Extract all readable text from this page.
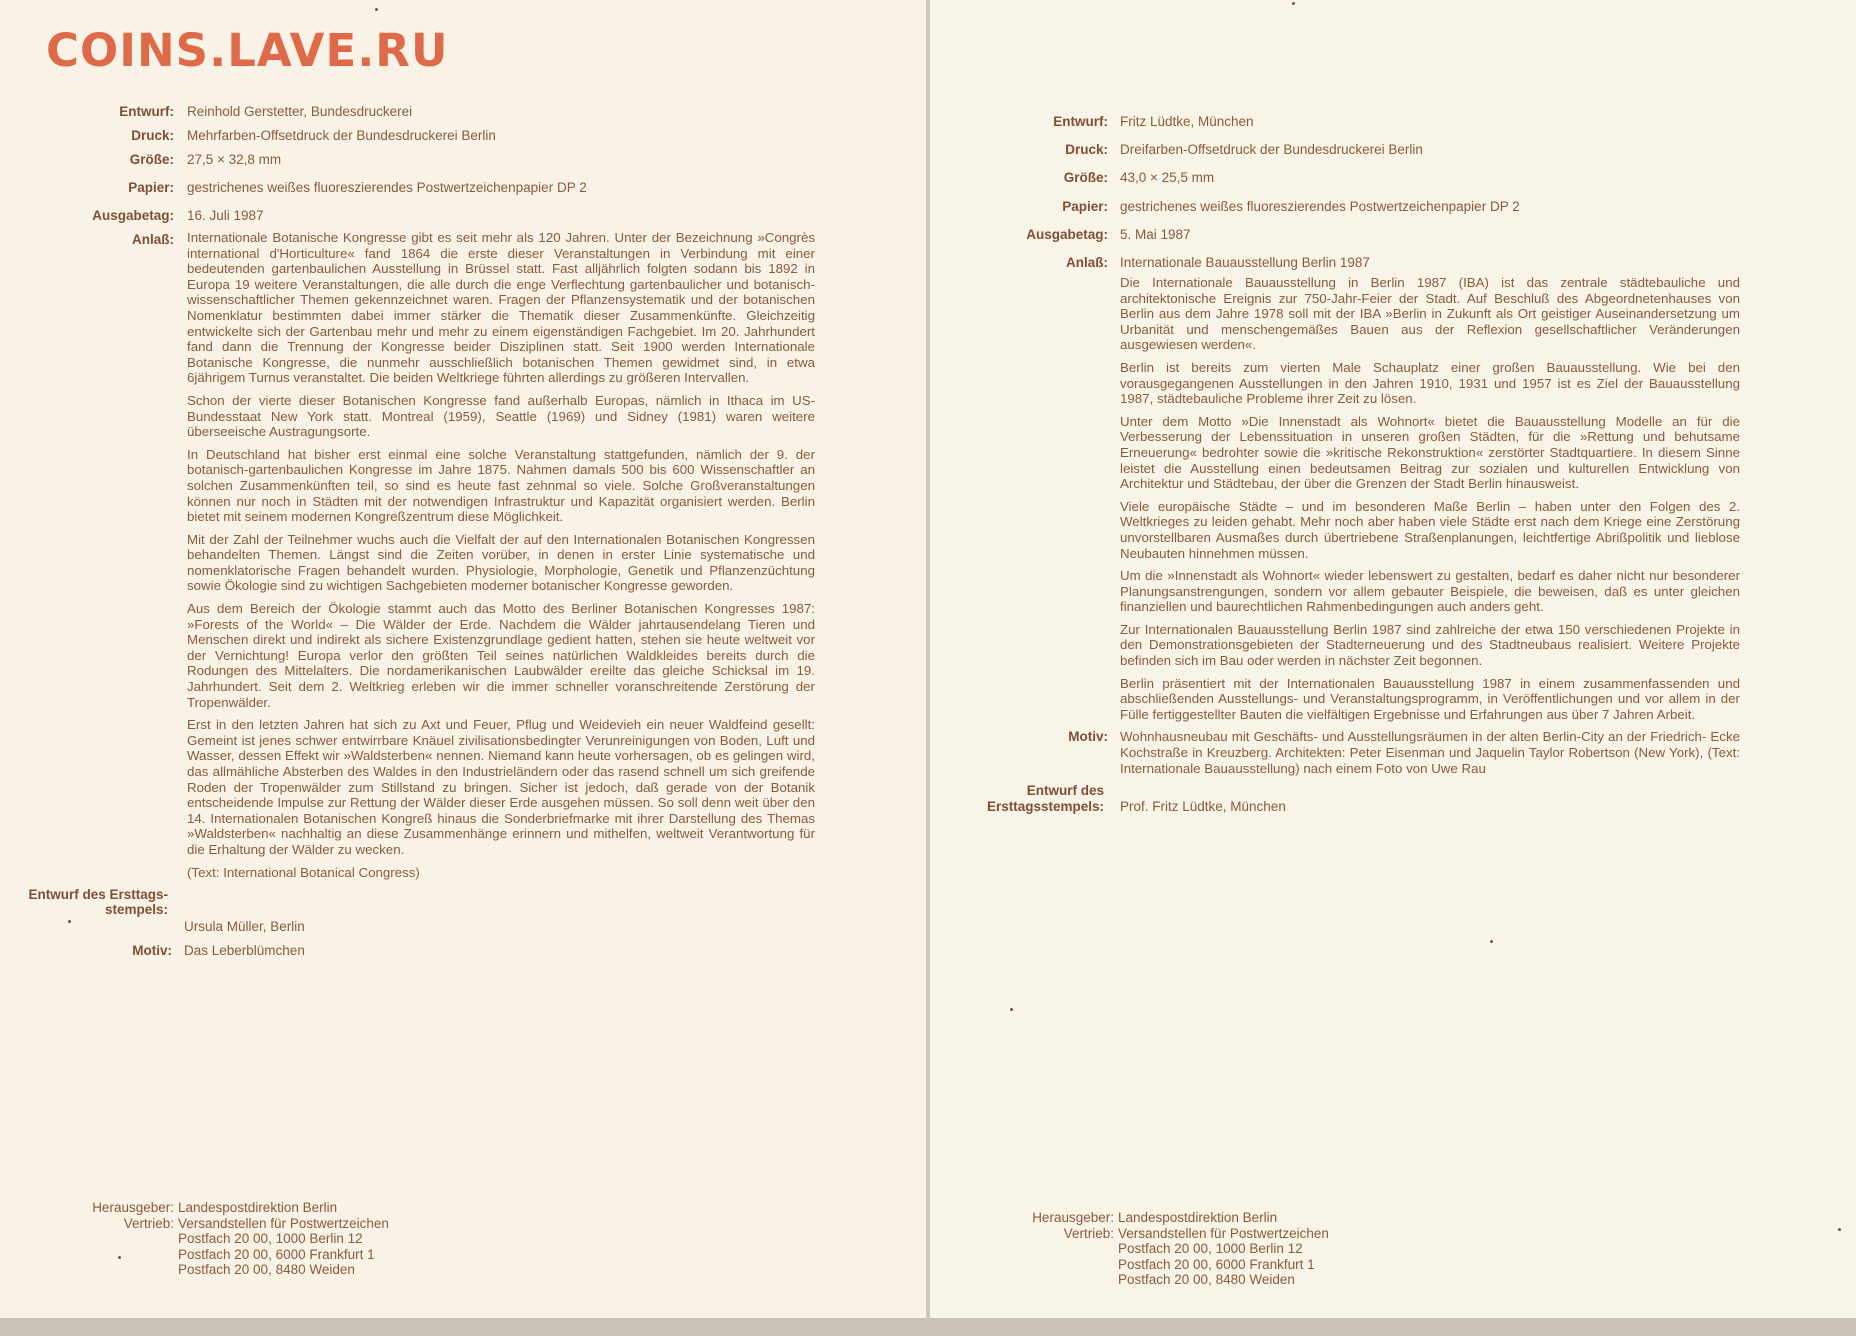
COINS.LAVE.RU
Entwurf: Reinhold Gerstetter, Bundesdruckerei
Druck: Mehrfarben-Offsetdruck der Bundesdruckerei Berlin
Größe: 27,5 × 32,8 mm
Papier: gestrichenes weißes fluoreszierendes Postwertzeichenpapier DP 2
Ausgabetag: 16. Juli 1987
Anlaß: Internationale Botanische Kongresse gibt es seit mehr als 120 Jahren. Unter der Bezeichnung »Congrès international d'Horticulture« fand 1864 die erste dieser Veranstaltungen in Verbindung mit einer bedeutenden gartenbaulichen Ausstellung in Brüssel statt. Fast alljährlich folgten sodann bis 1892 in Europa 19 weitere Veranstaltungen, die alle durch die enge Verflechtung gartenbaulicher und botanisch-wissenschaftlicher Themen gekennzeichnet waren. Fragen der Pflanzensystematik und der botanischen Nomenklatur bestimmten dabei immer stärker die Thematik dieser Zusammenkünfte. Gleichzeitig entwickelte sich der Gartenbau mehr und mehr zu einem eigenständigen Fachgebiet. Im 20. Jahrhundert fand dann die Trennung der Kongresse beider Disziplinen statt. Seit 1900 werden Internationale Botanische Kongresse, die nunmehr ausschließlich botanischen Themen gewidmet sind, in etwa 6jährigem Turnus veranstaltet. Die beiden Weltkriege führten allerdings zu größeren Intervallen.

Schon der vierte dieser Botanischen Kongresse fand außerhalb Europas, nämlich in Ithaca im US-Bundesstaat New York statt. Montreal (1959), Seattle (1969) und Sidney (1981) waren weitere überseeische Austragungsorte.

In Deutschland hat bisher erst einmal eine solche Veranstaltung stattgefunden, nämlich der 9. der botanisch-gartenbaulichen Kongresse im Jahre 1875. Nahmen damals 500 bis 600 Wissenschaftler an solchen Zusammenkünften teil, so sind es heute fast zehnmal so viele. Solche Großveranstaltungen können nur noch in Städten mit der notwendigen Infrastruktur und Kapazität organisiert werden. Berlin bietet mit seinem modernen Kongreßzentrum diese Möglichkeit.

Mit der Zahl der Teilnehmer wuchs auch die Vielfalt der auf den Internationalen Botanischen Kongressen behandelten Themen. Längst sind die Zeiten vorüber, in denen in erster Linie systematische und nomenklatorische Fragen behandelt wurden. Physiologie, Morphologie, Genetik und Pflanzenzüchtung sowie Ökologie sind zu wichtigen Sachgebieten moderner botanischer Kongresse geworden.

Aus dem Bereich der Ökologie stammt auch das Motto des Berliner Botanischen Kongresses 1987: »Forests of the World« – Die Wälder der Erde. Nachdem die Wälder jahrtausendelang Tieren und Menschen direkt und indirekt als sichere Existenzgrundlage gedient hatten, stehen sie heute weltweit vor der Vernichtung! Europa verlor den größten Teil seines natürlichen Waldkleides bereits durch die Rodungen des Mittelalters. Die nordamerikanischen Laubwälder ereilte das gleiche Schicksal im 19. Jahrhundert. Seit dem 2. Weltkrieg erleben wir die immer schneller voranschreitende Zerstörung der Tropenwälder.

Erst in den letzten Jahren hat sich zu Axt und Feuer, Pflug und Weidevieh ein neuer Waldfeind gesellt: Gemeint ist jenes schwer entwirrbare Knäuel zivilisationsbedingter Verunreinigungen von Boden, Luft und Wasser, dessen Effekt wir »Waldsterben« nennen. Niemand kann heute vorhersagen, ob es gelingen wird, das allmähliche Absterben des Waldes in den Industrieländern oder das rasend schnell um sich greifende Roden der Tropenwälder zum Stillstand zu bringen. Sicher ist jedoch, daß gerade von der Botanik entscheidende Impulse zur Rettung der Wälder dieser Erde ausgehen müssen. So soll denn weit über den 14. Internationalen Botanischen Kongreß hinaus die Sonderbriefmarke mit ihrer Darstellung des Themas »Waldsterben« nachhaltig an diese Zusammenhänge erinnern und mithelfen, weltweit Verantwortung für die Erhaltung der Wälder zu wecken.

(Text: International Botanical Congress)

Entwurf des Ersttags-stempels:
Ursula Müller, Berlin
Motiv: Das Leberblümchen
Herausgeber:
Vertrieb:
Landespostdirektion Berlin
Versandstellen für Postwertzeichen
Postfach 20 00, 1000 Berlin 12
Postfach 20 00, 6000 Frankfurt 1
Postfach 20 00, 8480 Weiden
Entwurf: Fritz Lüdtke, München
Druck: Dreifarben-Offsetdruck der Bundesdruckerei Berlin
Größe: 43,0 × 25,5 mm
Papier: gestrichenes weißes fluoreszierendes Postwertzeichenpapier DP 2
Ausgabetag: 5. Mai 1987
Anlaß: Internationale Bauausstellung Berlin 1987

Die Internationale Bauausstellung in Berlin 1987 (IBA) ist das zentrale städtebauliche und architektonische Ereignis zur 750-Jahr-Feier der Stadt. Auf Beschluß des Abgeordnetenhauses von Berlin aus dem Jahre 1978 soll mit der IBA »Berlin in Zukunft als Ort geistiger Auseinandersetzung um Urbanität und menschengemäßes Bauen aus der Reflexion gesellschaftlicher Veränderungen ausgewiesen werden«.

Berlin ist bereits zum vierten Male Schauplatz einer großen Bauausstellung. Wie bei den vorausgegangenen Ausstellungen in den Jahren 1910, 1931 und 1957 ist es Ziel der Bauausstellung 1987, städtebauliche Probleme ihrer Zeit zu lösen.

Unter dem Motto »Die Innenstadt als Wohnort« bietet die Bauausstellung Modelle an für die Verbesserung der Lebenssituation in unseren großen Städten, für die »Rettung und behutsame Erneuerung« bedrohter sowie die »kritische Rekonstruktion« zerstörter Stadtquartiere. In diesem Sinne leistet die Ausstellung einen bedeutsamen Beitrag zur sozialen und kulturellen Entwicklung von Architektur und Städtebau, der über die Grenzen der Stadt Berlin hinausweist.

Viele europäische Städte – und im besonderen Maße Berlin – haben unter den Folgen des 2. Weltkrieges zu leiden gehabt. Mehr noch aber haben viele Städte erst nach dem Kriege eine Zerstörung unvorstellbaren Ausmaßes durch übertriebene Straßenplanungen, leichtfertige Abrißpolitik und lieblose Neubauten hinnehmen müssen.

Um die »Innenstadt als Wohnort« wieder lebenswert zu gestalten, bedarf es daher nicht nur besonderer Planungsanstrengungen, sondern vor allem gebauter Beispiele, die beweisen, daß es unter gleichen finanziellen und baurechtlichen Rahmenbedingungen auch anders geht.

Zur Internationalen Bauausstellung Berlin 1987 sind zahlreiche der etwa 150 verschiedenen Projekte in den Demonstrationsgebieten der Stadterneuerung und des Stadtneubaus realisiert. Weitere Projekte befinden sich im Bau oder werden in nächster Zeit begonnen.

Berlin präsentiert mit der Internationalen Bauausstellung 1987 in einem zusammenfassenden und abschließenden Ausstellungs- und Veranstaltungsprogramm, in Veröffentlichungen und vor allem in der Fülle fertiggestellter Bauten die vielfältigen Ergebnisse und Erfahrungen aus über 7 Jahren Arbeit.

Motiv: Wohnhausneubau mit Geschäfts- und Ausstellungsräumen in der alten Berlin-City an der Friedrich- Ecke Kochstraße in Kreuzberg. Architekten: Peter Eisenman und Jaquelin Taylor Robertson (New York), (Text: Internationale Bauausstellung) nach einem Foto von Uwe Rau
Entwurf des Ersttagsstempels: Prof. Fritz Lüdtke, München
Herausgeber:
Vertrieb:
Landespostdirektion Berlin
Versandstellen für Postwertzeichen
Postfach 20 00, 1000 Berlin 12
Postfach 20 00, 6000 Frankfurt 1
Postfach 20 00, 8480 Weiden
